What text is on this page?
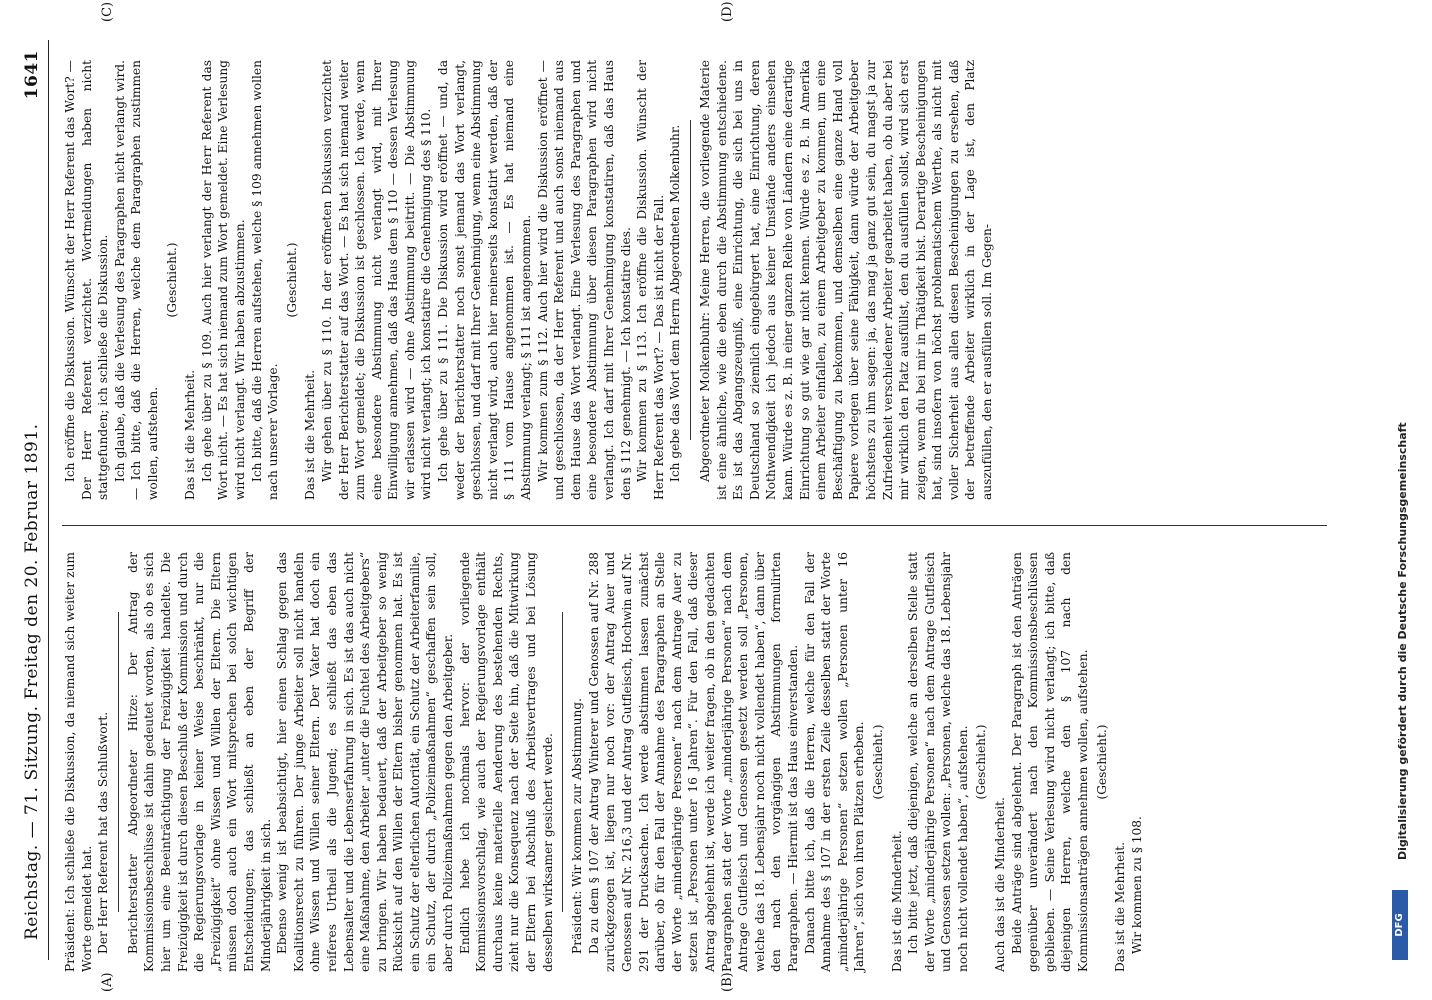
Reichstag. — 71. Sitzung. Freitag den 20. Februar 1891.
1641
(A)	(B)
(C)	(D)

Präsident: Ich schließe die Diskussion, da niemand sich weiter zum Worte gemeldet hat. Der Herr Referent hat das Schlußwort. Berichterstatter Abgeordneter Hitze: Der Antrag der Kommissionsbeschlüsse ist dahin gedeutet worden, als ob es sich hier um eine Beeinträchtigung der Freizügigkeit handelte. Die Freizügigkeit ist durch diesen Beschluß der Kommission und durch die Regierungsvorlage in keiner Weise beschränkt, nur die „Freizügigkeit“ ohne Wissen und Willen der Eltern. Die Eltern müssen doch auch ein Wort mitsprechen bei solch wichtigen Entscheidungen; das schließt an eben der Begriff der Minderjährigkeit in sich. Ebenso wenig ist beabsichtigt, hier einen Schlag gegen das Koalitionsrecht zu führen. Der junge Arbeiter soll nicht handeln ohne Wissen und Willen seiner Eltern. Der Vater hat doch ein reiferes Urtheil als die Jugend; es schließt das eben das Lebensalter und die Lebenserfahrung in sich. Es ist das auch nicht eine Maßnahme, den Arbeiter „unter die Fuchtel des Arbeitgebers“ zu bringen. Wir haben bedauert, daß der Arbeitgeber so wenig Rücksicht auf den Willen der Eltern bisher genommen hat. Es ist ein Schutz der elterlichen Autorität, ein Schutz der Arbeiterfamilie, ein Schutz, der durch „Polizeimaßnahmen“ geschaffen sein soll, aber durch Polizeimaßnahmen gegen den Arbeitgeber. Endlich hebe ich nochmals hervor: der vorliegende Kommissionsvorschlag, wie auch der Regierungsvorlage enthält durchaus keine materielle Aenderung des bestehenden Rechts, zieht nur die Konsequenz nach der Seite hin, daß die Mitwirkung der Eltern bei Abschluß des Arbeitsvertrages und bei Lösung desselben wirksamer gesichert werde. Präsident: Wir kommen zur Abstimmung. Da zu dem § 107 der Antrag Winterer und Genossen auf Nr. 288 zurückgezogen ist, liegen nur noch vor: der Antrag Auer und Genossen auf Nr. 216,3 und der Antrag Gutfleisch, Hochwin auf Nr. 291 der Drucksachen. Ich werde abstimmen lassen zunächst darüber, ob für den Fall der Annahme des Paragraphen an Stelle der Worte „minderjährige Personen“ nach dem Antrage Auer zu setzen ist „Personen unter 16 Jahren“. Für den Fall, daß dieser Antrag abgelehnt ist, werde ich weiter fragen, ob in den gedachten Paragraphen statt der Worte „minderjährige Personen“ nach dem Antrage Gutfleisch und Genossen gesetzt werden soll „Personen, welche das 18. Lebensjahr noch nicht vollendet haben“, dann über den nach den vorgängigen Abstimmungen formulirten Paragraphen. — Hiermit ist das Haus einverstanden. Danach bitte ich, daß die Herren, welche für den Fall der Annahme des § 107 in der ersten Zeile desselben statt der Worte „minderjährige Personen“ setzen wollen „Personen unter 16 Jahren“, sich von ihren Plätzen erheben. (Geschieht.)

Das ist die Minderheit. Ich bitte jetzt, daß diejenigen, welche an derselben Stelle statt der Worte „minderjährige Personen“ nach dem Antrage Gutfleisch und Genossen setzen wollen: „Personen, welche das 18. Lebensjahr noch nicht vollendet haben“, aufstehen. (Geschieht.)

Auch das ist die Minderheit. Beide Anträge sind abgelehnt. Der Paragraph ist den Anträgen gegenüber unverändert nach den Kommissionsbeschlüssen geblieben. — Seine Verlesung wird nicht verlangt; ich bitte, daß diejenigen Herren, welche den § 107 nach den Kommissionsanträgen annehmen wollen, aufstehen. (Geschieht.)

Das ist die Mehrheit. Wir kommen zu § 108.

Ich eröffne die Diskussion. Wünscht der Herr Referent das Wort? — Der Herr Referent verzichtet. Wortmeldungen haben nicht stattgefunden; ich schließe die Diskussion. Ich glaube, daß die Verlesung des Paragraphen nicht verlangt wird. — Ich bitte, daß die Herren, welche dem Paragraphen zustimmen wollen, aufstehen.

(Geschieht.)

Das ist die Mehrheit. Ich gehe über zu § 109. Auch hier verlangt der Herr Referent das Wort nicht. — Es hat sich niemand zum Wort gemeldet. Eine Verlesung wird nicht verlangt. Wir haben abzustimmen. Ich bitte, daß die Herren aufstehen, welche § 109 annehmen wollen nach unserer Vorlage.

(Geschieht.)

Das ist die Mehrheit. Wir gehen über zu § 110. In der eröffneten Diskussion verzichtet der Herr Berichterstatter auf das Wort. — Es hat sich niemand weiter zum Wort gemeldet; die Diskussion ist geschlossen. Ich werde, wenn eine besondere Abstimmung nicht verlangt wird, mit Ihrer Einwilligung annehmen, daß das Haus dem § 110 — dessen Verlesung wir erlassen wird — ohne Abstimmung beitritt. — Die Abstimmung wird nicht verlangt; ich konstatire die Genehmigung des § 110. Ich gehe über zu § 111. Die Diskussion wird eröffnet — und, da weder der Berichterstatter noch sonst jemand das Wort verlangt, geschlossen, und darf mit Ihrer Genehmigung, wenn eine Abstimmung nicht verlangt wird, auch hier meinerseits konstatirt werden, daß der § 111 vom Hause angenommen ist. — Es hat niemand eine Abstimmung verlangt; § 111 ist angenommen. Wir kommen zum § 112. Auch hier wird die Diskussion eröffnet — und geschlossen, da der Herr Referent und auch sonst niemand aus dem Hause das Wort verlangt. Eine Verlesung des Paragraphen und eine besondere Abstimmung über diesen Paragraphen wird nicht verlangt. Ich darf mit Ihrer Genehmigung konstatiren, daß das Haus den § 112 genehmigt. — Ich konstatire dies. Wir kommen zu § 113. Ich eröffne die Diskussion. Wünscht der Herr Referent das Wort? — Das ist nicht der Fall. Ich gebe das Wort dem Herrn Abgeordneten Molkenbuhr. Abgeordneter Molkenbuhr: Meine Herren, die vorliegende Materie ist eine ähnliche, wie die eben durch die Abstimmung entschiedene. Es ist das Abgangszeugniß, eine Einrichtung, die sich bei uns in Deutschland so ziemlich eingebürgert hat, eine Einrichtung, deren Nothwendigkeit ich jedoch aus keiner Umstände anders einsehen kann. Würde es z. B. in einer ganzen Reihe von Ländern eine derartige Einrichtung so gut wie gar nicht kennen. Würde es z. B. in Amerika einem Arbeiter einfallen, zu einem Arbeitgeber zu kommen, um eine Beschäftigung zu bekommen, und demselben eine ganze Hand voll Papiere vorlegen über seine Fähigkeit, dann würde der Arbeitgeber höchstens zu ihm sagen: ja, das mag ja ganz gut sein, du magst ja zur Zufriedenheit verschiedener Arbeiter gearbeitet haben, ob du aber bei mir wirklich den Platz ausfüllst, den du ausfüllen sollst, wird sich erst zeigen, wenn du bei mir in Thätigkeit bist. Derartige Bescheinigungen hat, sind insofern von höchst problematischem Werthe, als nicht mit voller Sicherheit aus allen diesen Bescheinigungen zu ersehen, daß der betreffende Arbeiter wirklich in der Lage ist, den Platz auszufüllen, den er ausfüllen soll. Im Gegen-

DFG
Digitalisierung gefördert durch die Deutsche Forschungsgemeinschaft
